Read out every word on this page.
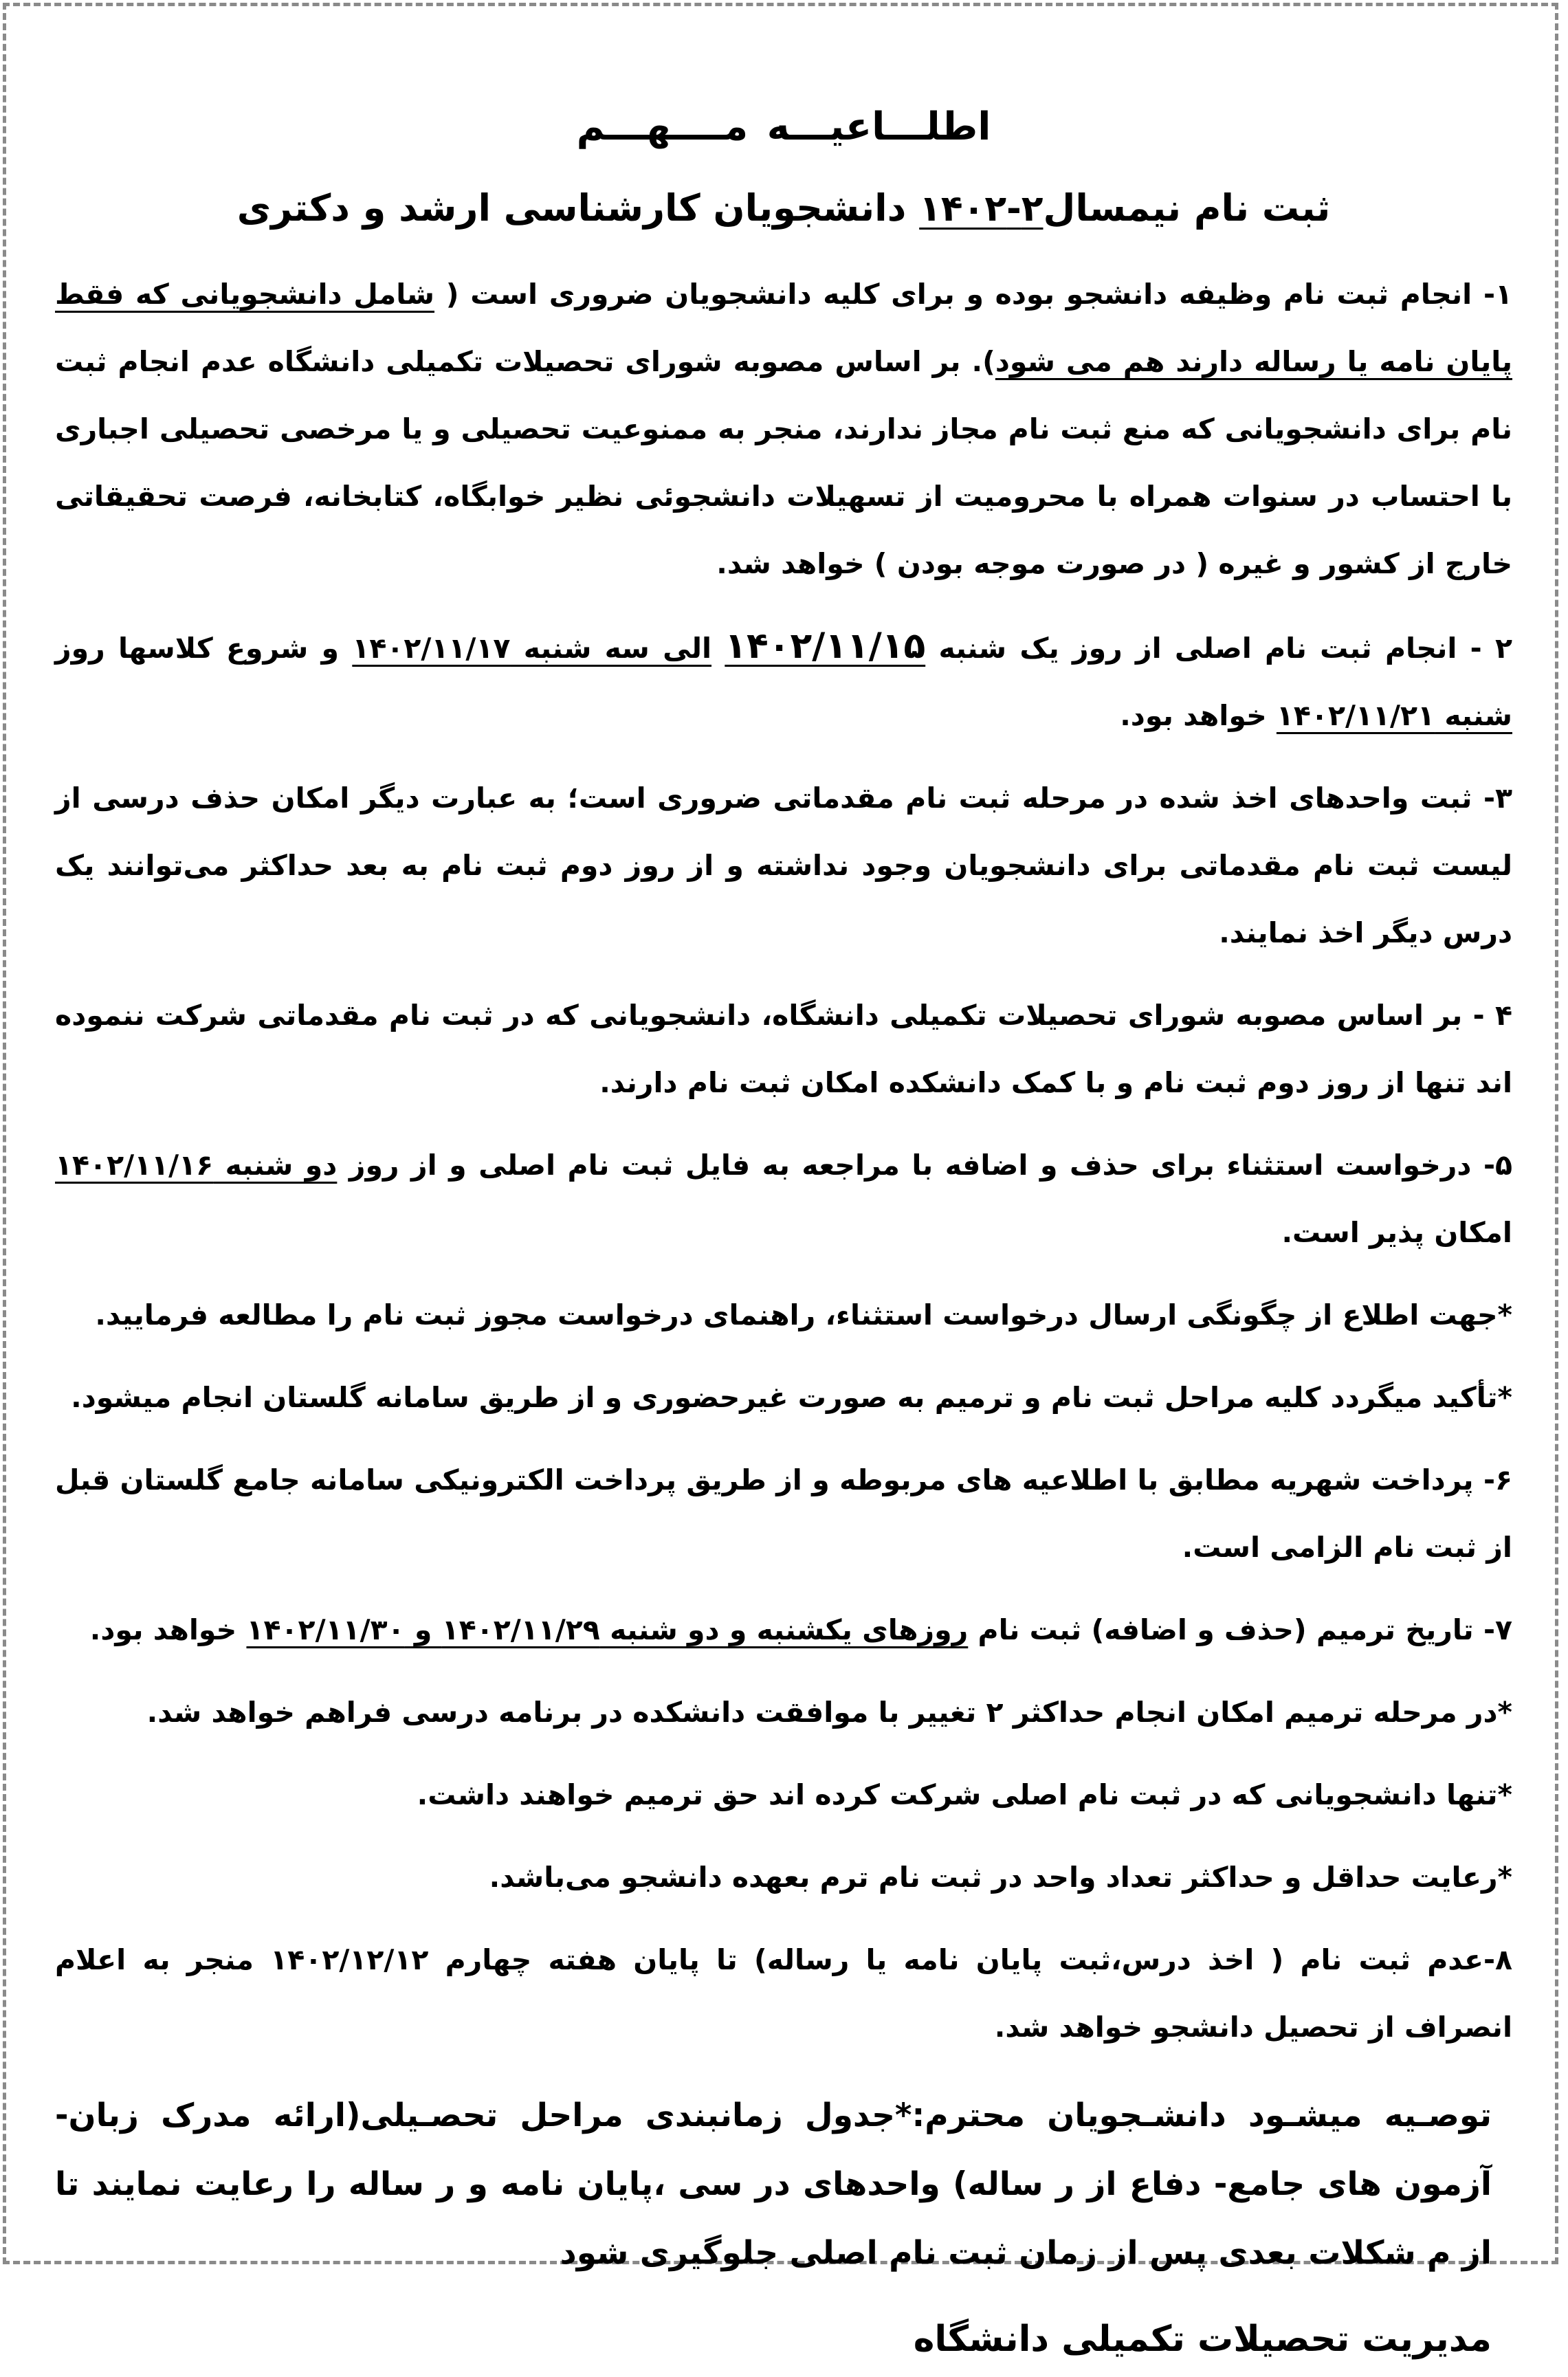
اطلـــاعیـــه مــــهـــم
ثبت نام نیمسال۲-۱۴۰۲ دانشجویان کارشناسی ارشد و دکتری
۱- انجام ثبت نام وظیفه دانشجو بوده و برای کلیه دانشجویان ضروری است ( شامل دانشجویانی که فقط پایان نامه یا رساله دارند هم می شود). بر اساس مصوبه شورای تحصیلات تکمیلی دانشگاه عدم انجام ثبت نام برای دانشجویانی که منع ثبت نام مجاز ندارند، منجر به ممنوعیت تحصیلی و یا مرخصی تحصیلی اجباری با احتساب در سنوات همراه با محرومیت از تسهیلات دانشجوئی نظیر خوابگاه، کتابخانه، فرصت تحقیقاتی خارج از کشور و غیره ( در صورت موجه بودن ) خواهد شد.
۲ - انجام ثبت نام اصلی از روز یک شنبه ۱۴۰۲/۱۱/۱۵ الی سه شنبه ۱۴۰۲/۱۱/۱۷ و شروع کلاسها روز شنبه ۱۴۰۲/۱۱/۲۱ خواهد بود.
۳- ثبت واحدهای اخذ شده در مرحله ثبت نام مقدماتی ضروری است؛ به عبارت دیگر امکان حذف درسی از لیست ثبت نام مقدماتی برای دانشجویان وجود نداشته و از روز دوم ثبت نام به بعد حداکثر می‌توانند یک درس دیگر اخذ نمایند.
۴ - بر اساس مصوبه شورای تحصیلات تکمیلی دانشگاه، دانشجویانی که در ثبت نام مقدماتی شرکت ننموده اند تنها از روز دوم ثبت نام و با کمک دانشکده امکان ثبت نام دارند.
۵- درخواست استثناء برای حذف و اضافه با مراجعه به فایل ثبت نام اصلی و از روز دو شنبه ۱۴۰۲/۱۱/۱۶ امکان پذیر است.
*جهت اطلاع از چگونگی ارسال درخواست استثناء، راهنمای درخواست مجوز ثبت نام را مطالعه فرمایید.
*تأکید میگردد کلیه مراحل ثبت نام و ترمیم به صورت غیرحضوری و از طریق سامانه گلستان انجام میشود.
۶- پرداخت شهریه مطابق با اطلاعیه های مربوطه و از طریق پرداخت الکترونیکی سامانه جامع گلستان قبل از ثبت نام الزامی است.
۷- تاریخ ترمیم (حذف و اضافه) ثبت نام روزهای یکشنبه و دو شنبه ۱۴۰۲/۱۱/۲۹ و ۱۴۰۲/۱۱/۳۰ خواهد بود.
*در مرحله ترمیم امکان انجام حداکثر ۲ تغییر با موافقت دانشکده در برنامه درسی فراهم خواهد شد.
*تنها دانشجویانی که در ثبت نام اصلی شرکت کرده اند حق ترمیم خواهند داشت.
*رعایت حداقل و حداکثر تعداد واحد در ثبت نام ترم بعهده دانشجو می‌باشد.
۸-عدم ثبت نام ( اخذ درس،ثبت پایان نامه یا رساله) تا پایان هفته چهارم ۱۴۰۲/۱۲/۱۲ منجر به اعلام انصراف از تحصیل دانشجو خواهد شد.
توصـیه میشـود دانشـجویان محترم:*جدول زمانبندی مراحل تحصـیلی(ارائه مدرک زبان- آزمون های جامع- دفاع از ر ساله) واحدهای در سی ،پایان نامه و ر ساله را رعایت نمایند تا از م شکلات بعدی پس از زمان ثبت نام اصلی جلوگیری شود
مدیریت تحصیلات تکمیلی دانشگاه
